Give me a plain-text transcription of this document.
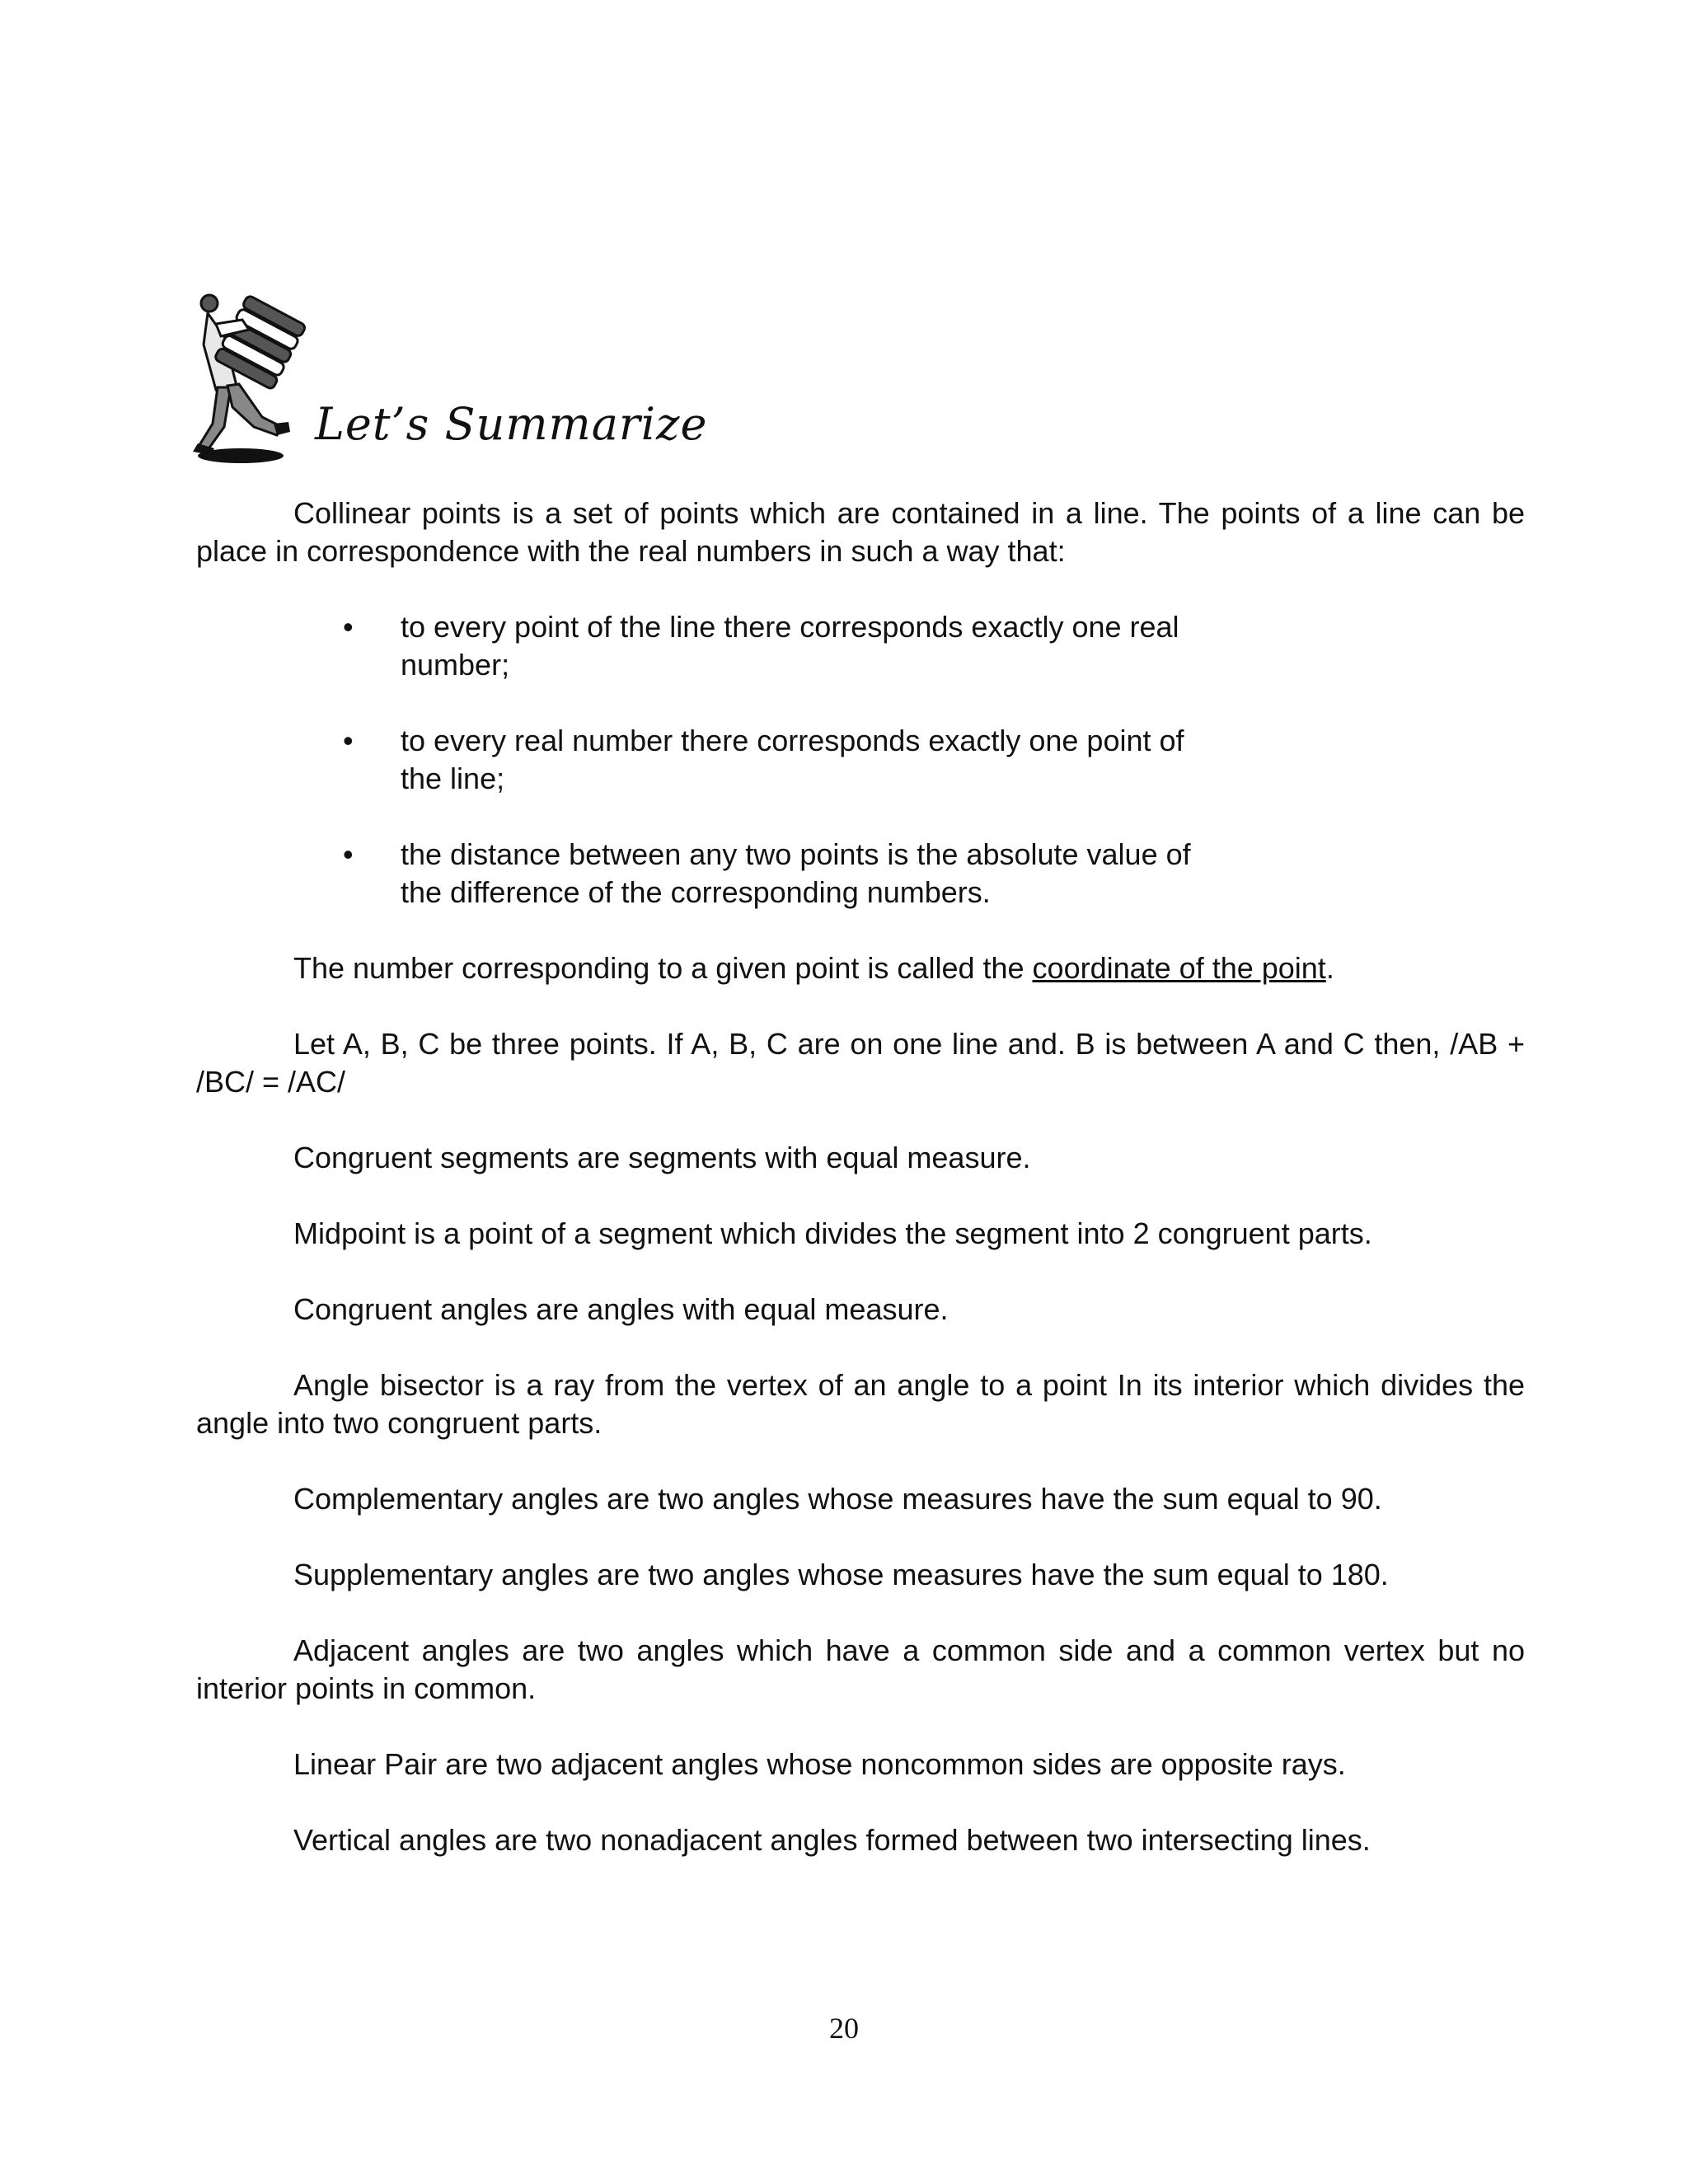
Let’s Summarize

Collinear points is a set of points which are contained in a line. The points of a line can be place in correspondence with the real numbers in such a way that:

• to every point of the line there corresponds exactly one real number;
• to every real number there corresponds exactly one point of the line;
• the distance between any two points is the absolute value of the difference of the corresponding numbers.

The number corresponding to a given point is called the coordinate of the point.

Let A, B, C be three points. If A, B, C are on one line and. B is between A and C then, /AB + /BC/ = /AC/

Congruent segments are segments with equal measure.

Midpoint is a point of a segment which divides the segment into 2 congruent parts.

Congruent angles are angles with equal measure.

Angle bisector is a ray from the vertex of an angle to a point In its interior which divides the angle into two congruent parts.

Complementary angles are two angles whose measures have the sum equal to 90.

Supplementary angles are two angles whose measures have the sum equal to 180.

Adjacent angles are two angles which have a common side and a common vertex but no interior points in common.

Linear Pair are two adjacent angles whose noncommon sides are opposite rays.

Vertical angles are two nonadjacent angles formed between two intersecting lines.

20
